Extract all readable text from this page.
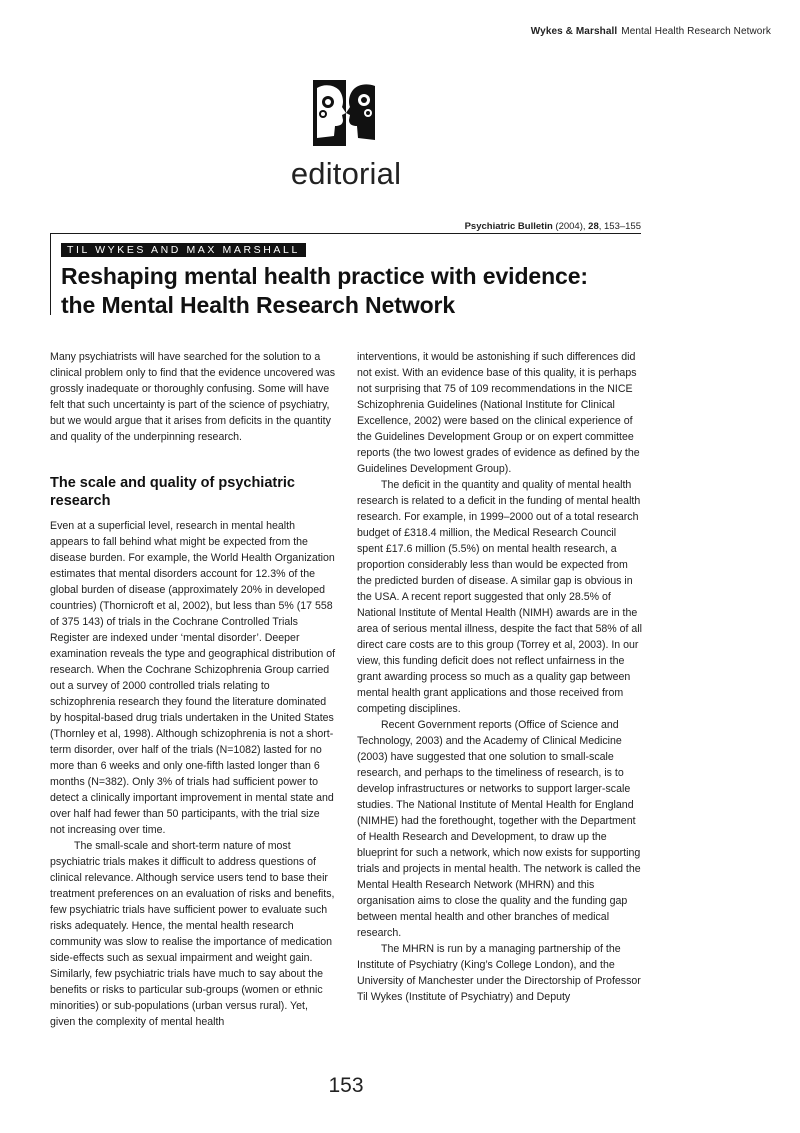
Wykes & Marshall Mental Health Research Network
editorial
Psychiatric Bulletin (2004), 28, 153–155
TIL WYKES AND MAX MARSHALL
Reshaping mental health practice with evidence:
the Mental Health Research Network

Many psychiatrists will have searched for the solution to a clinical problem only to find that the evidence uncovered was grossly inadequate or thoroughly confusing. Some will have felt that such uncertainty is part of the science of psychiatry, but we would argue that it arises from deficits in the quantity and quality of the underpinning research.

The scale and quality of psychiatric research

Even at a superficial level, research in mental health appears to fall behind what might be expected from the disease burden. For example, the World Health Organization estimates that mental disorders account for 12.3% of the global burden of disease (approximately 20% in developed countries) (Thornicroft et al, 2002), but less than 5% (17 558 of 375 143) of trials in the Cochrane Controlled Trials Register are indexed under ‘mental disorder’. Deeper examination reveals the type and geographical distribution of research. When the Cochrane Schizophrenia Group carried out a survey of 2000 controlled trials relating to schizophrenia research they found the literature dominated by hospital-based drug trials undertaken in the United States (Thornley et al, 1998). Although schizophrenia is not a short-term disorder, over half of the trials (N=1082) lasted for no more than 6 weeks and only one-fifth lasted longer than 6 months (N=382). Only 3% of trials had sufficient power to detect a clinically important improvement in mental state and over half had fewer than 50 participants, with the trial size not increasing over time.

The small-scale and short-term nature of most psychiatric trials makes it difficult to address questions of clinical relevance. Although service users tend to base their treatment preferences on an evaluation of risks and benefits, few psychiatric trials have sufficient power to evaluate such risks adequately. Hence, the mental health research community was slow to realise the importance of medication side-effects such as sexual impairment and weight gain. Similarly, few psychiatric trials have much to say about the benefits or risks to particular sub-groups (women or ethnic minorities) or sub-populations (urban versus rural). Yet, given the complexity of mental health

interventions, it would be astonishing if such differences did not exist. With an evidence base of this quality, it is perhaps not surprising that 75 of 109 recommendations in the NICE Schizophrenia Guidelines (National Institute for Clinical Excellence, 2002) were based on the clinical experience of the Guidelines Development Group or on expert committee reports (the two lowest grades of evidence as defined by the Guidelines Development Group).

The deficit in the quantity and quality of mental health research is related to a deficit in the funding of mental health research. For example, in 1999–2000 out of a total research budget of £318.4 million, the Medical Research Council spent £17.6 million (5.5%) on mental health research, a proportion considerably less than would be expected from the predicted burden of disease. A similar gap is obvious in the USA. A recent report suggested that only 28.5% of National Institute of Mental Health (NIMH) awards are in the area of serious mental illness, despite the fact that 58% of all direct care costs are to this group (Torrey et al, 2003). In our view, this funding deficit does not reflect unfairness in the grant awarding process so much as a quality gap between mental health grant applications and those received from competing disciplines.

Recent Government reports (Office of Science and Technology, 2003) and the Academy of Clinical Medicine (2003) have suggested that one solution to small-scale research, and perhaps to the timeliness of research, is to develop infrastructures or networks to support larger-scale studies. The National Institute of Mental Health for England (NIMHE) had the forethought, together with the Department of Health Research and Development, to draw up the blueprint for such a network, which now exists for supporting trials and projects in mental health. The network is called the Mental Health Research Network (MHRN) and this organisation aims to close the quality and the funding gap between mental health and other branches of medical research.

The MHRN is run by a managing partnership of the Institute of Psychiatry (King’s College London), and the University of Manchester under the Directorship of Professor Til Wykes (Institute of Psychiatry) and Deputy

153
